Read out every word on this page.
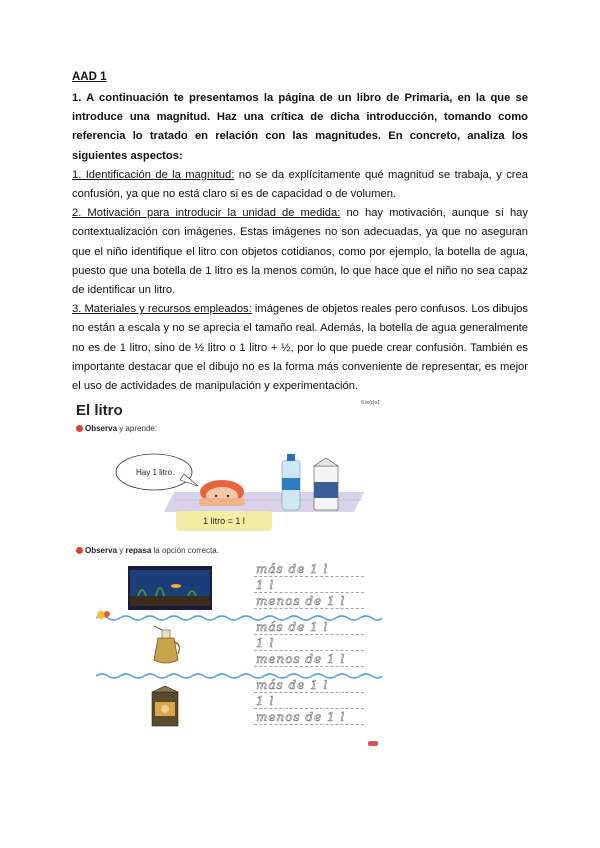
AAD 1

1. A continuación te presentamos la página de un libro de Primaria, en la que se introduce una magnitud. Haz una crítica de dicha introducción, tomando como referencia lo tratado en relación con las magnitudes. En concreto, analiza los siguientes aspectos:

1. Identificación de la magnitud: no se da explícitamente qué magnitud se trabaja, y crea confusión, ya que no está claro si es de capacidad o de volumen.

2. Motivación para introducir la unidad de medida: no hay motivación, aunque sí hay contextualización con imágenes. Estas imágenes no son adecuadas, ya que no aseguran que el niño identifique el litro con objetos cotidianos, como por ejemplo, la botella de agua, puesto que una botella de 1 litro es la menos común, lo que hace que el niño no sea capaz de identificar un litro.

3. Materiales y recursos empleados: imágenes de objetos reales pero confusos. Los dibujos no están a escala y no se aprecia el tamaño real. Además, la botella de agua generalmente no es de 1 litro, sino de ½ litro o 1 litro + ½, por lo que puede crear confusión. También es importante destacar que el dibujo no es la forma más conveniente de representar, es mejor el uso de actividades de manipulación y experimentación.

El litro	6 to(r)o1
Observa y aprende:
Hay 1 litro.
1 litro = 1 l
Observa y repasa la opción correcta.
más de 1 l
1 l
menos de 1 l
más de 1 l
1 l
menos de 1 l
más de 1 l
1 l
menos de 1 l
